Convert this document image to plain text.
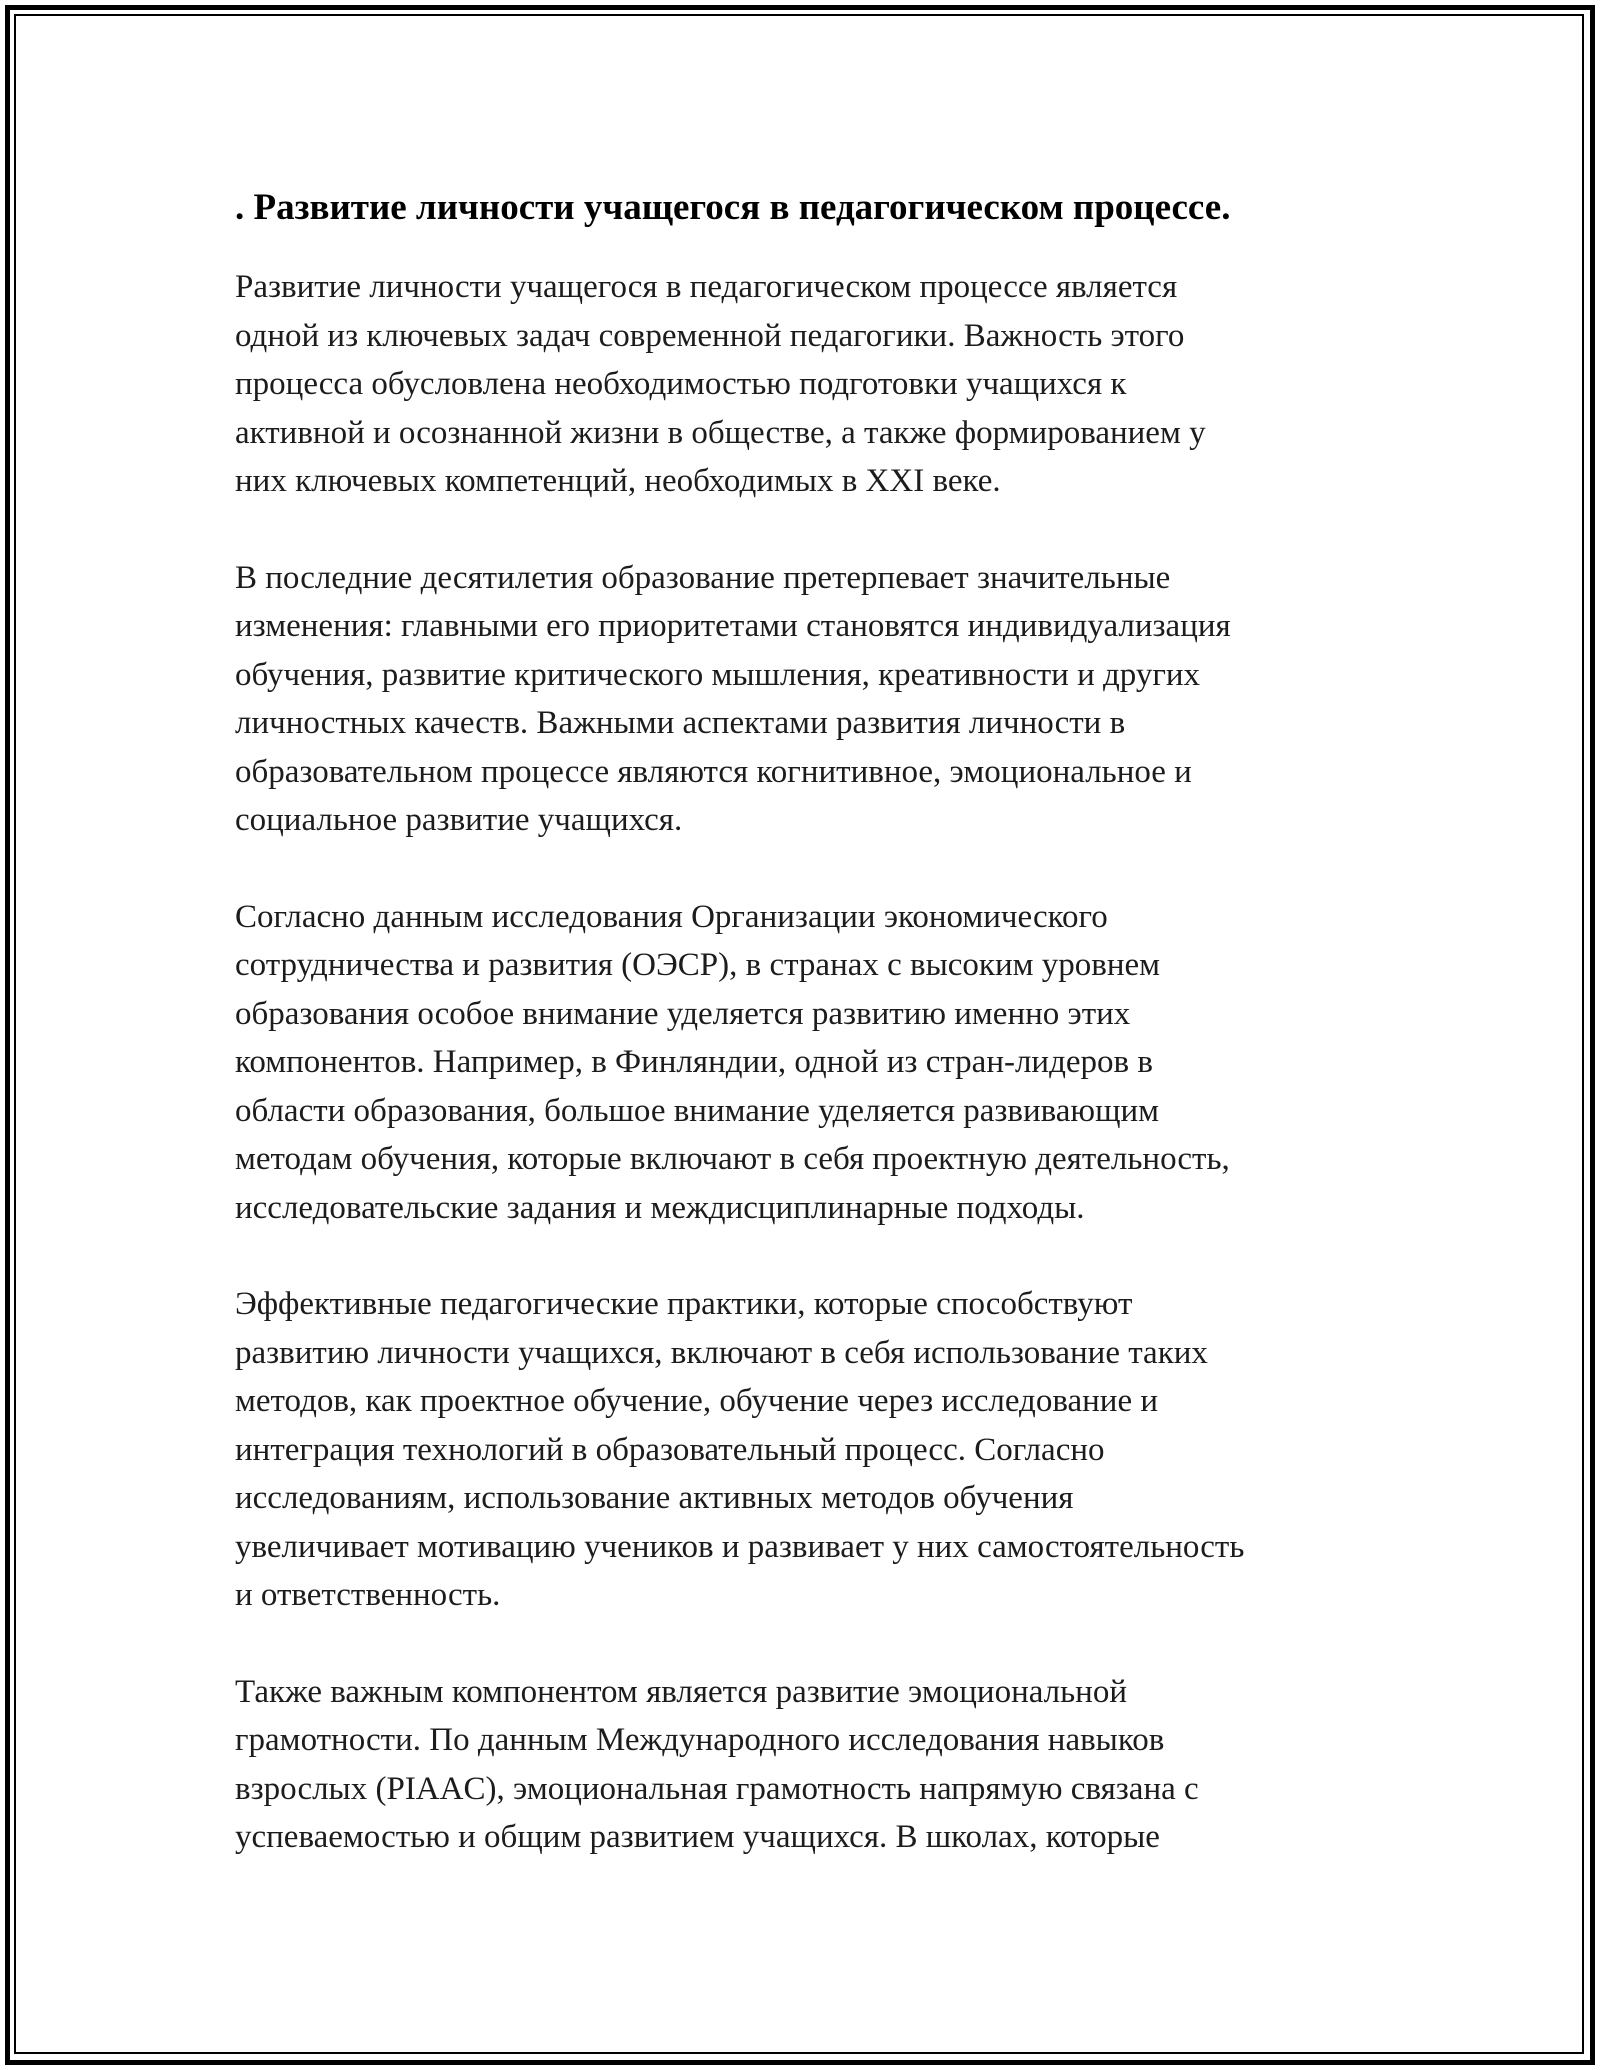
. Развитие личности учащегося в педагогическом процессе.

Развитие личности учащегося в педагогическом процессе является
одной из ключевых задач современной педагогики. Важность этого
процесса обусловлена необходимостью подготовки учащихся к
активной и осознанной жизни в обществе, а также формированием у
них ключевых компетенций, необходимых в XXI веке.

В последние десятилетия образование претерпевает значительные
изменения: главными его приоритетами становятся индивидуализация
обучения, развитие критического мышления, креативности и других
личностных качеств. Важными аспектами развития личности в
образовательном процессе являются когнитивное, эмоциональное и
социальное развитие учащихся.

Согласно данным исследования Организации экономического
сотрудничества и развития (ОЭСР), в странах с высоким уровнем
образования особое внимание уделяется развитию именно этих
компонентов. Например, в Финляндии, одной из стран-лидеров в
области образования, большое внимание уделяется развивающим
методам обучения, которые включают в себя проектную деятельность,
исследовательские задания и междисциплинарные подходы.

Эффективные педагогические практики, которые способствуют
развитию личности учащихся, включают в себя использование таких
методов, как проектное обучение, обучение через исследование и
интеграция технологий в образовательный процесс. Согласно
исследованиям, использование активных методов обучения
увеличивает мотивацию учеников и развивает у них самостоятельность
и ответственность.

Также важным компонентом является развитие эмоциональной
грамотности. По данным Международного исследования навыков
взрослых (PIAAC), эмоциональная грамотность напрямую связана с
успеваемостью и общим развитием учащихся. В школах, которые
